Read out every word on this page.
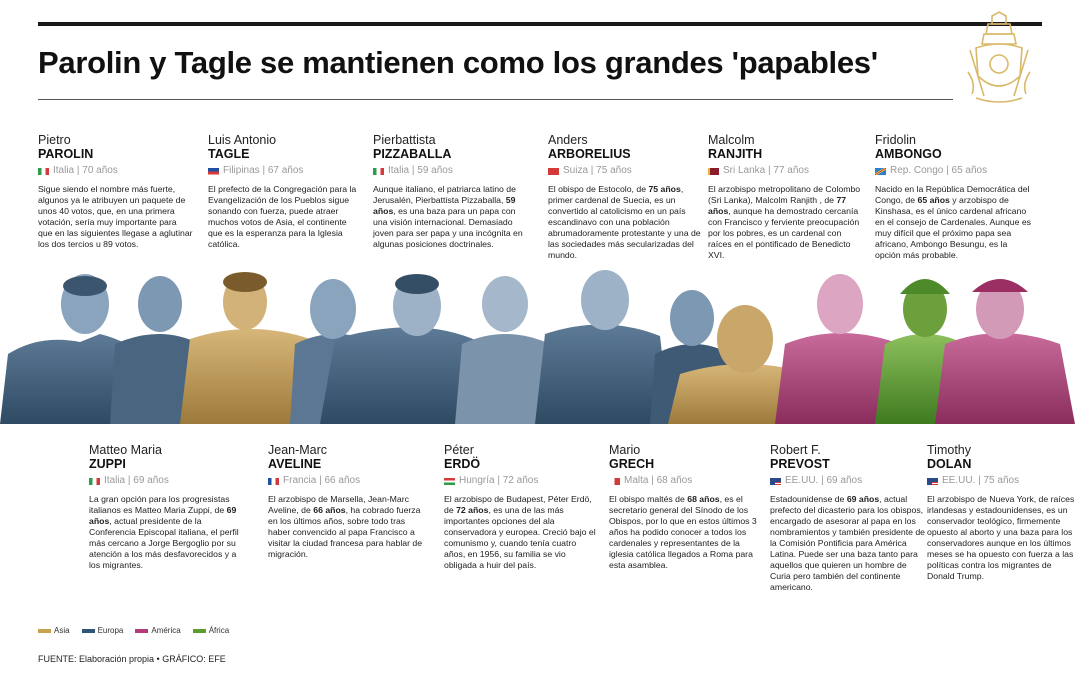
Parolin y Tagle se mantienen como los grandes 'papables'
Pietro
PAROLIN
Italia | 70 años
Sigue siendo el nombre más fuerte, algunos ya le atribuyen un paquete de unos 40 votos, que, en una primera votación, sería muy importante para que en las siguientes llegase a aglutinar los dos tercios u 89 votos.
Luis Antonio
TAGLE
Filipinas | 67 años
El prefecto de la Congregación para la Evangelización de los Pueblos sigue sonando con fuerza, puede atraer muchos votos de Asia, el continente que es la esperanza para la Iglesia católica.
Pierbattista
PIZZABALLA
Italia | 59 años
Aunque italiano, el patriarca latino de Jerusalén, Pierbattista Pizzaballa, 59 años, es una baza para un papa con una visión internacional. Demasiado joven para ser papa y una incógnita en algunas posiciones doctrinales.
Anders
ARBORELIUS
Suiza | 75 años
El obispo de Estocolo, de 75 años, primer cardenal de Suecia, es un convertido al catolicismo en un país escandinavo con una población abrumadoramente protestante y una de las sociedades más secularizadas del mundo.
Malcolm
RANJITH
Sri Lanka | 77 años
El arzobispo metropolitano de Colombo (Sri Lanka), Malcolm Ranjith , de 77 años, aunque ha demostrado cercanía con Francisco y ferviente preocupación por los pobres, es un cardenal con raíces en el pontificado de Benedicto XVI.
Fridolin
AMBONGO
Rep. Congo | 65 años
Nacido en la República Democrática del Congo, de 65 años y arzobispo de Kinshasa, es el único cardenal africano en el consejo de Cardenales. Aunque es muy difícil que el próximo papa sea africano, Ambongo Besungu, es la opción más probable.
Matteo Maria
ZUPPI
Italia | 69 años
La gran opción para los progresistas italianos es Matteo Maria Zuppi, de 69 años, actual presidente de la Conferencia Episcopal italiana, el perfil más cercano a Jorge Bergoglio por su atención a los más desfavorecidos y a los migrantes.
Jean-Marc
AVELINE
Francia | 66 años
El arzobispo de Marsella, Jean-Marc Aveline, de 66 años, ha cobrado fuerza en los últimos años, sobre todo tras haber convencido al papa Francisco a visitar la ciudad francesa para hablar de migración.
Péter
ERDÖ
Hungría | 72 años
El arzobispo de Budapest, Péter Erdö, de 72 años, es una de las más importantes opciones del ala conservadora y europea. Creció bajo el comunismo y, cuando tenía cuatro años, en 1956, su familia se vio obligada a huir del país.
Mario
GRECH
Malta | 68 años
El obispo maltés de 68 años, es el secretario general del Sínodo de los Obispos, por lo que en estos últimos 3 años ha podido conocer a todos los cardenales y representantes de la iglesia católica llegados a Roma para esta asamblea.
Robert F.
PREVOST
EE.UU. | 69 años
Estadounidense de 69 años, actual prefecto del dicasterio para los obispos, encargado de asesorar al papa en los nombramientos y también presidente de la Comisión Pontificia para América Latina. Puede ser una baza tanto para aquellos que quieren un hombre de Curia pero también del continente americano.
Timothy
DOLAN
EE.UU. | 75 años
El arzobispo de Nueva York, de raíces irlandesas y estadounidenses, es un conservador teológico, firmemente opuesto al aborto y una baza para los conservadores aunque en los últimos meses se ha opuesto con fuerza a las políticas contra los migrantes de Donald Trump.
Asia	Europa	América	África
FUENTE: Elaboración propia • GRÁFICO: EFE
